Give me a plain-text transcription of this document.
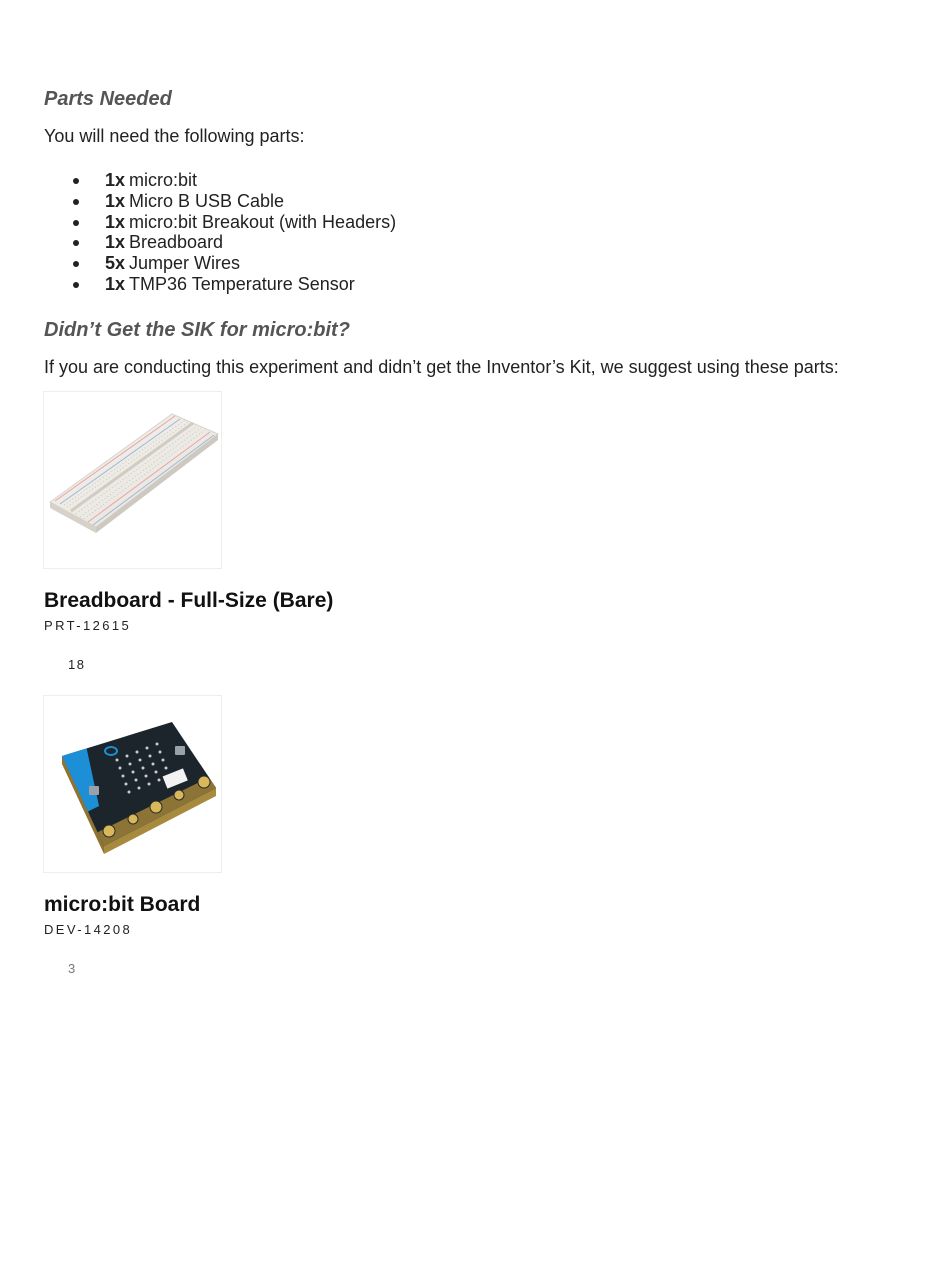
Parts Needed

You will need the following parts:

1x micro:bit
1x Micro B USB Cable
1x micro:bit Breakout (with Headers)
1x Breadboard
5x Jumper Wires
1x TMP36 Temperature Sensor
Didn’t Get the SIK for micro:bit?

If you are conducting this experiment and didn’t get the Inventor’s Kit, we suggest using these parts:

Breadboard - Full-Size (Bare)
PRT-12615
18
micro:bit Board
DEV-14208
3
